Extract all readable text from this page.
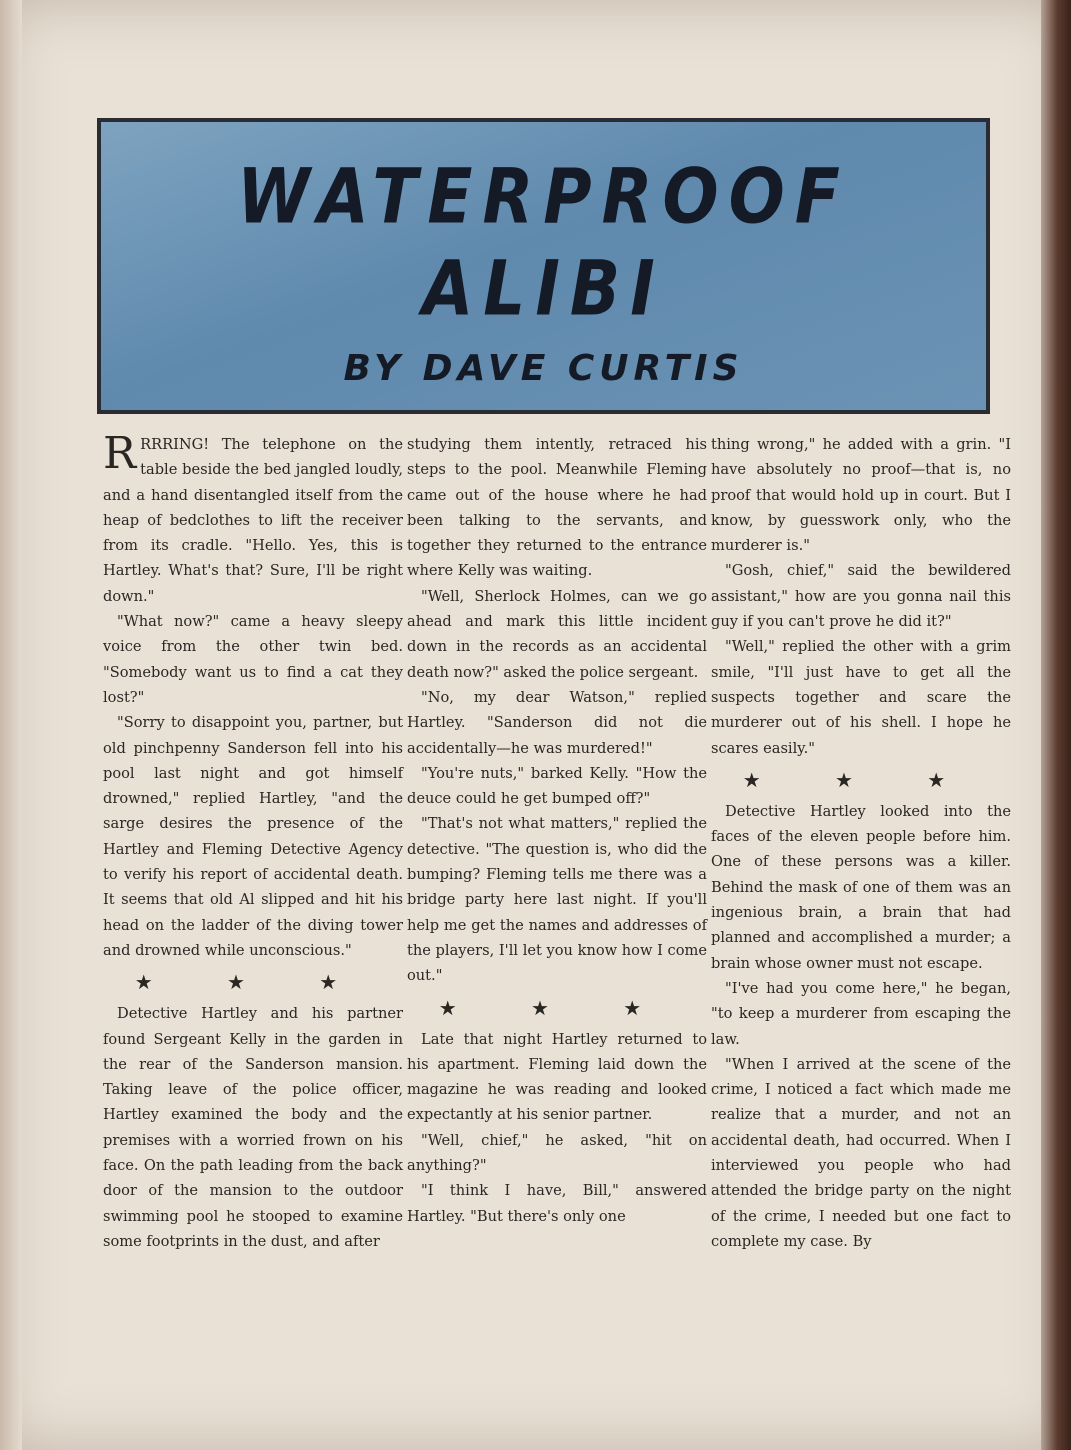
WATERPROOF
ALIBI
BY DAVE CURTIS

RRRRING! The telephone on the table beside the bed jangled loudly, and a hand disentangled itself from the heap of bedclothes to lift the receiver from its cradle. "Hello. Yes, this is Hartley. What's that? Sure, I'll be right down."

"What now?" came a heavy sleepy voice from the other twin bed. "Somebody want us to find a cat they lost?"

"Sorry to disappoint you, partner, but old pinchpenny Sanderson fell into his pool last night and got himself drowned," replied Hartley, "and the sarge desires the presence of the Hartley and Fleming Detective Agency to verify his report of accidental death. It seems that old Al slipped and hit his head on the ladder of the diving tower and drowned while unconscious."

★ ★ ★

Detective Hartley and his partner found Sergeant Kelly in the garden in the rear of the Sanderson mansion. Taking leave of the police officer, Hartley examined the body and the premises with a worried frown on his face. On the path leading from the back door of the mansion to the outdoor swimming pool he stooped to examine some footprints in the dust, and after

studying them intently, retraced his steps to the pool. Meanwhile Fleming came out of the house where he had been talking to the servants, and together they returned to the entrance where Kelly was waiting.

"Well, Sherlock Holmes, can we go ahead and mark this little incident down in the records as an accidental death now?" asked the police sergeant.

"No, my dear Watson," replied Hartley. "Sanderson did not die accidentally—he was murdered!"

"You're nuts," barked Kelly. "How the deuce could he get bumped off?"

"That's not what matters," replied the detective. "The question is, who did the bumping? Fleming tells me there was a bridge party here last night. If you'll help me get the names and addresses of the players, I'll let you know how I come out."

★ ★ ★

Late that night Hartley returned to his apartment. Fleming laid down the magazine he was reading and looked expectantly at his senior partner.

"Well, chief," he asked, "hit on anything?"

"I think I have, Bill," answered Hartley. "But there's only one

thing wrong," he added with a grin. "I have absolutely no proof—that is, no proof that would hold up in court. But I know, by guesswork only, who the murderer is."

"Gosh, chief," said the bewildered assistant," how are you gonna nail this guy if you can't prove he did it?"

"Well," replied the other with a grim smile, "I'll just have to get all the suspects together and scare the murderer out of his shell. I hope he scares easily."

★ ★ ★

Detective Hartley looked into the faces of the eleven people before him. One of these persons was a killer. Behind the mask of one of them was an ingenious brain, a brain that had planned and accomplished a murder; a brain whose owner must not escape.

"I've had you come here," he began, "to keep a murderer from escaping the law.

"When I arrived at the scene of the crime, I noticed a fact which made me realize that a murder, and not an accidental death, had occurred. When I interviewed you people who had attended the bridge party on the night of the crime, I needed but one fact to complete my case. By
